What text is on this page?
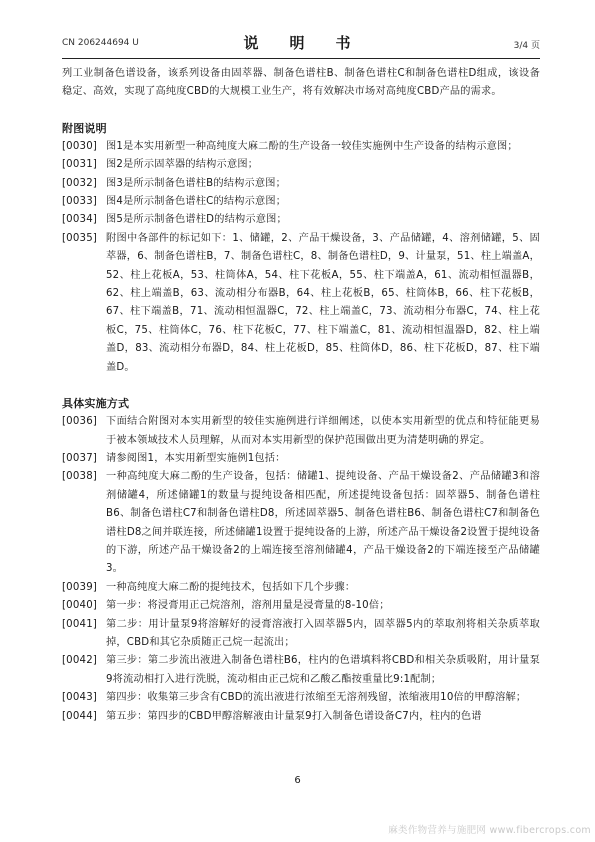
CN 206244694 U	说　明　书	3/4 页

列工业制备色谱设备，该系列设备由固萃器、制备色谱柱B、制备色谱柱C和制备色谱柱D组成，该设备稳定、高效，实现了高纯度CBD的大规模工业生产，将有效解决市场对高纯度CBD产品的需求。

附图说明
[0030] 图1是本实用新型一种高纯度大麻二酚的生产设备一较佳实施例中生产设备的结构示意图；
[0031] 图2是所示固萃器的结构示意图；
[0032] 图3是所示制备色谱柱B的结构示意图；
[0033] 图4是所示制备色谱柱C的结构示意图；
[0034] 图5是所示制备色谱柱D的结构示意图；
[0035] 附图中各部件的标记如下：1、储罐，2、产品干燥设备，3、产品储罐，4、溶剂储罐，5、固萃器，6、制备色谱柱B，7、制备色谱柱C，8、制备色谱柱D，9、计量泵，51、柱上端盖A，52、柱上花板A，53、柱筒体A，54、柱下花板A，55、柱下端盖A，61、流动相恒温器B，62、柱上端盖B，63、流动相分布器B，64、柱上花板B，65、柱筒体B，66、柱下花板B，67、柱下端盖B，71、流动相恒温器C，72、柱上端盖C，73、流动相分布器C，74、柱上花板C，75、柱筒体C，76、柱下花板C，77、柱下端盖C，81、流动相恒温器D，82、柱上端盖D，83、流动相分布器D，84、柱上花板D，85、柱筒体D，86、柱下花板D，87、柱下端盖D。
具体实施方式
[0036] 下面结合附图对本实用新型的较佳实施例进行详细阐述，以使本实用新型的优点和特征能更易于被本领域技术人员理解，从而对本实用新型的保护范围做出更为清楚明确的界定。
[0037] 请参阅图1，本实用新型实施例1包括：
[0038] 一种高纯度大麻二酚的生产设备，包括：储罐1、提纯设备、产品干燥设备2、产品储罐3和溶剂储罐4，所述储罐1的数量与提纯设备相匹配，所述提纯设备包括：固萃器5、制备色谱柱B6、制备色谱柱C7和制备色谱柱D8，所述固萃器5、制备色谱柱B6、制备色谱柱C7和制备色谱柱D8之间并联连接，所述储罐1设置于提纯设备的上游，所述产品干燥设备2设置于提纯设备的下游，所述产品干燥设备2的上端连接至溶剂储罐4，产品干燥设备2的下端连接至产品储罐3。
[0039] 一种高纯度大麻二酚的提纯技术，包括如下几个步骤：
[0040] 第一步：将浸膏用正己烷溶剂，溶剂用量是浸膏量的8-10倍；
[0041] 第二步：用计量泵9将溶解好的浸膏溶液打入固萃器5内，固萃器5内的萃取剂将相关杂质萃取掉，CBD和其它杂质随正己烷一起流出；
[0042] 第三步：第二步流出液进入制备色谱柱B6，柱内的色谱填料将CBD和相关杂质吸附，用计量泵9将流动相打入进行洗脱，流动相由正己烷和乙酸乙酯按重量比9:1配制；
[0043] 第四步：收集第三步含有CBD的流出液进行浓缩至无溶剂残留，浓缩液用10倍的甲醇溶解；
[0044] 第五步：第四步的CBD甲醇溶解液由计量泵9打入制备色谱设备C7内，柱内的色谱
6
麻类作物营养与施肥网 www.fibercrops.com
